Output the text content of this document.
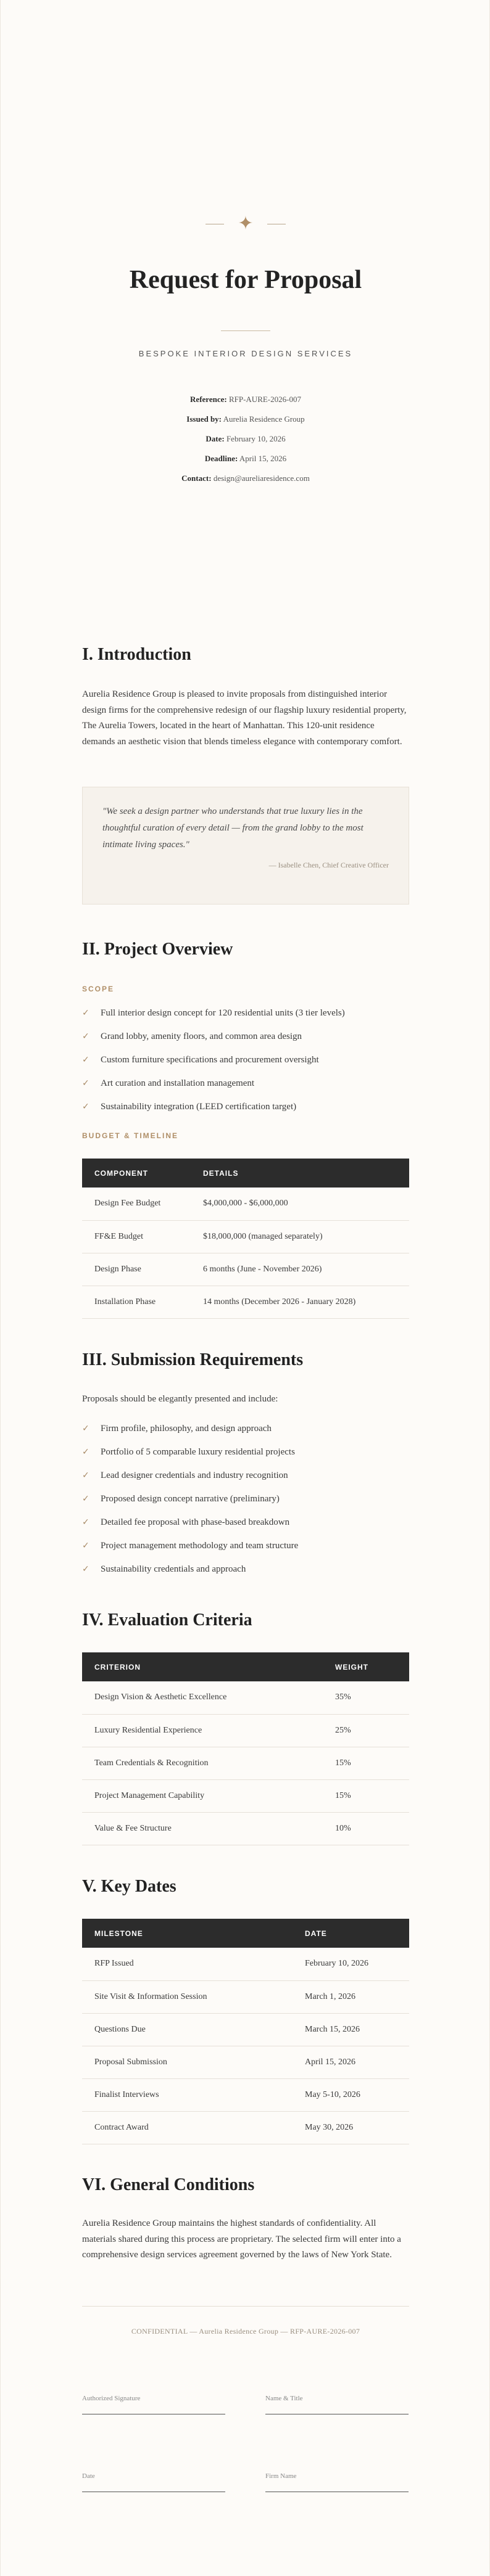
✦
Request for Proposal
BESPOKE INTERIOR DESIGN SERVICES
Reference: RFP-AURE-2026-007
Issued by: Aurelia Residence Group
Date: February 10, 2026
Deadline: April 15, 2026
Contact: design@aureliaresidence.com
I. Introduction
Aurelia Residence Group is pleased to invite proposals from distinguished interior design firms for the comprehensive redesign of our flagship luxury residential property, The Aurelia Towers, located in the heart of Manhattan. This 120-unit residence demands an aesthetic vision that blends timeless elegance with contemporary comfort.
"We seek a design partner who understands that true luxury lies in the thoughtful curation of every detail — from the grand lobby to the most intimate living spaces."
— Isabelle Chen, Chief Creative Officer
II. Project Overview
SCOPE
✓	Full interior design concept for 120 residential units (3 tier levels)
✓	Grand lobby, amenity floors, and common area design
✓	Custom furniture specifications and procurement oversight
✓	Art curation and installation management
✓	Sustainability integration (LEED certification target)
BUDGET & TIMELINE
COMPONENT	DETAILS
Design Fee Budget	$4,000,000 - $6,000,000
FF&E Budget	$18,000,000 (managed separately)
Design Phase	6 months (June - November 2026)
Installation Phase	14 months (December 2026 - January 2028)
III. Submission Requirements
Proposals should be elegantly presented and include:
✓	Firm profile, philosophy, and design approach
✓	Portfolio of 5 comparable luxury residential projects
✓	Lead designer credentials and industry recognition
✓	Proposed design concept narrative (preliminary)
✓	Detailed fee proposal with phase-based breakdown
✓	Project management methodology and team structure
✓	Sustainability credentials and approach
IV. Evaluation Criteria
CRITERION	WEIGHT
Design Vision & Aesthetic Excellence	35%
Luxury Residential Experience	25%
Team Credentials & Recognition	15%
Project Management Capability	15%
Value & Fee Structure	10%
V. Key Dates
MILESTONE	DATE
RFP Issued	February 10, 2026
Site Visit & Information Session	March 1, 2026
Questions Due	March 15, 2026
Proposal Submission	April 15, 2026
Finalist Interviews	May 5-10, 2026
Contract Award	May 30, 2026
VI. General Conditions
Aurelia Residence Group maintains the highest standards of confidentiality. All materials shared during this process are proprietary. The selected firm will enter into a comprehensive design services agreement governed by the laws of New York State.
CONFIDENTIAL — Aurelia Residence Group — RFP-AURE-2026-007
Authorized Signature	Name & Title
Date	Firm Name
